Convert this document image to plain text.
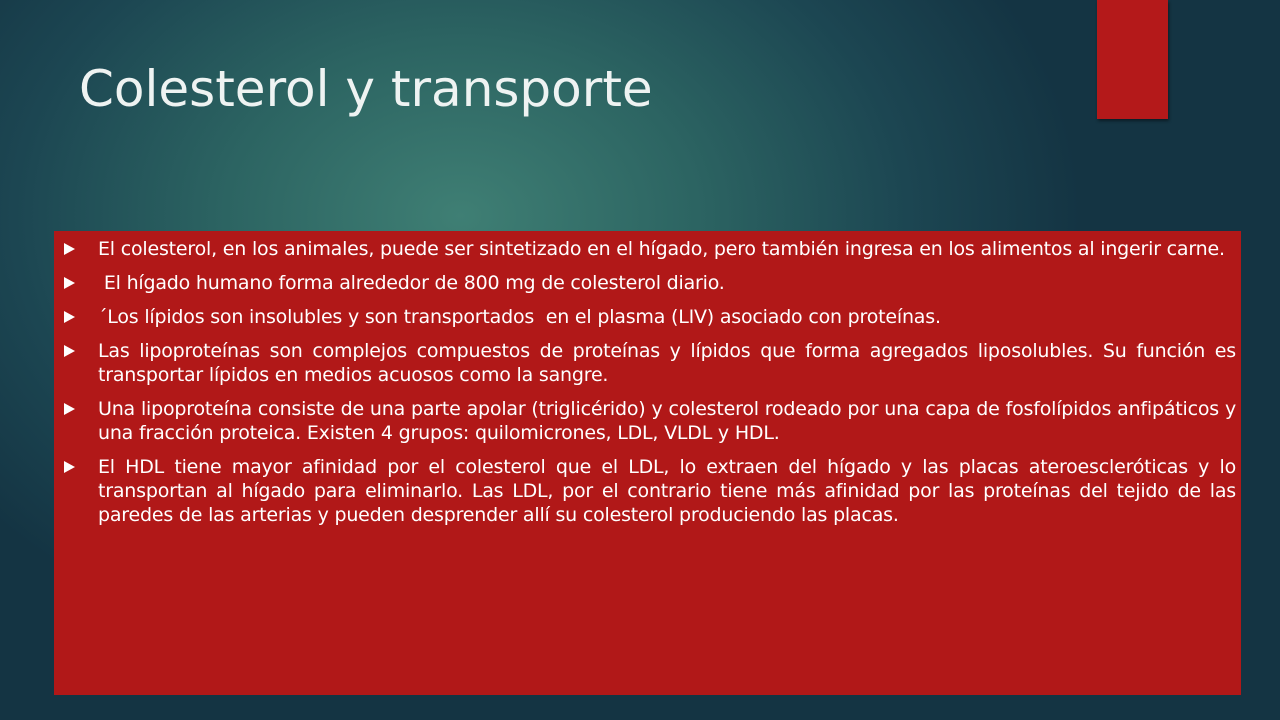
Colesterol y transporte
El colesterol, en los animales, puede ser sintetizado en el hígado, pero también ingresa en los alimentos al ingerir carne.
El hígado humano forma alrededor de 800 mg de colesterol diario.
´Los lípidos son insolubles y son transportados  en el plasma (LIV) asociado con proteínas.
Las lipoproteínas son complejos compuestos de proteínas y lípidos que forma agregados liposolubles. Su función es transportar lípidos en medios acuosos como la sangre.
Una lipoproteína consiste de una parte apolar (triglicérido) y colesterol rodeado por una capa de fosfolípidos anfipáticos y una fracción proteica. Existen 4 grupos: quilomicrones, LDL, VLDL y HDL.
El HDL tiene mayor afinidad por el colesterol que el LDL, lo extraen del hígado y las placas ateroescleróticas y lo transportan al hígado para eliminarlo. Las LDL, por el contrario tiene más afinidad por las proteínas del tejido de las paredes de las arterias y pueden desprender allí su colesterol produciendo las placas.
